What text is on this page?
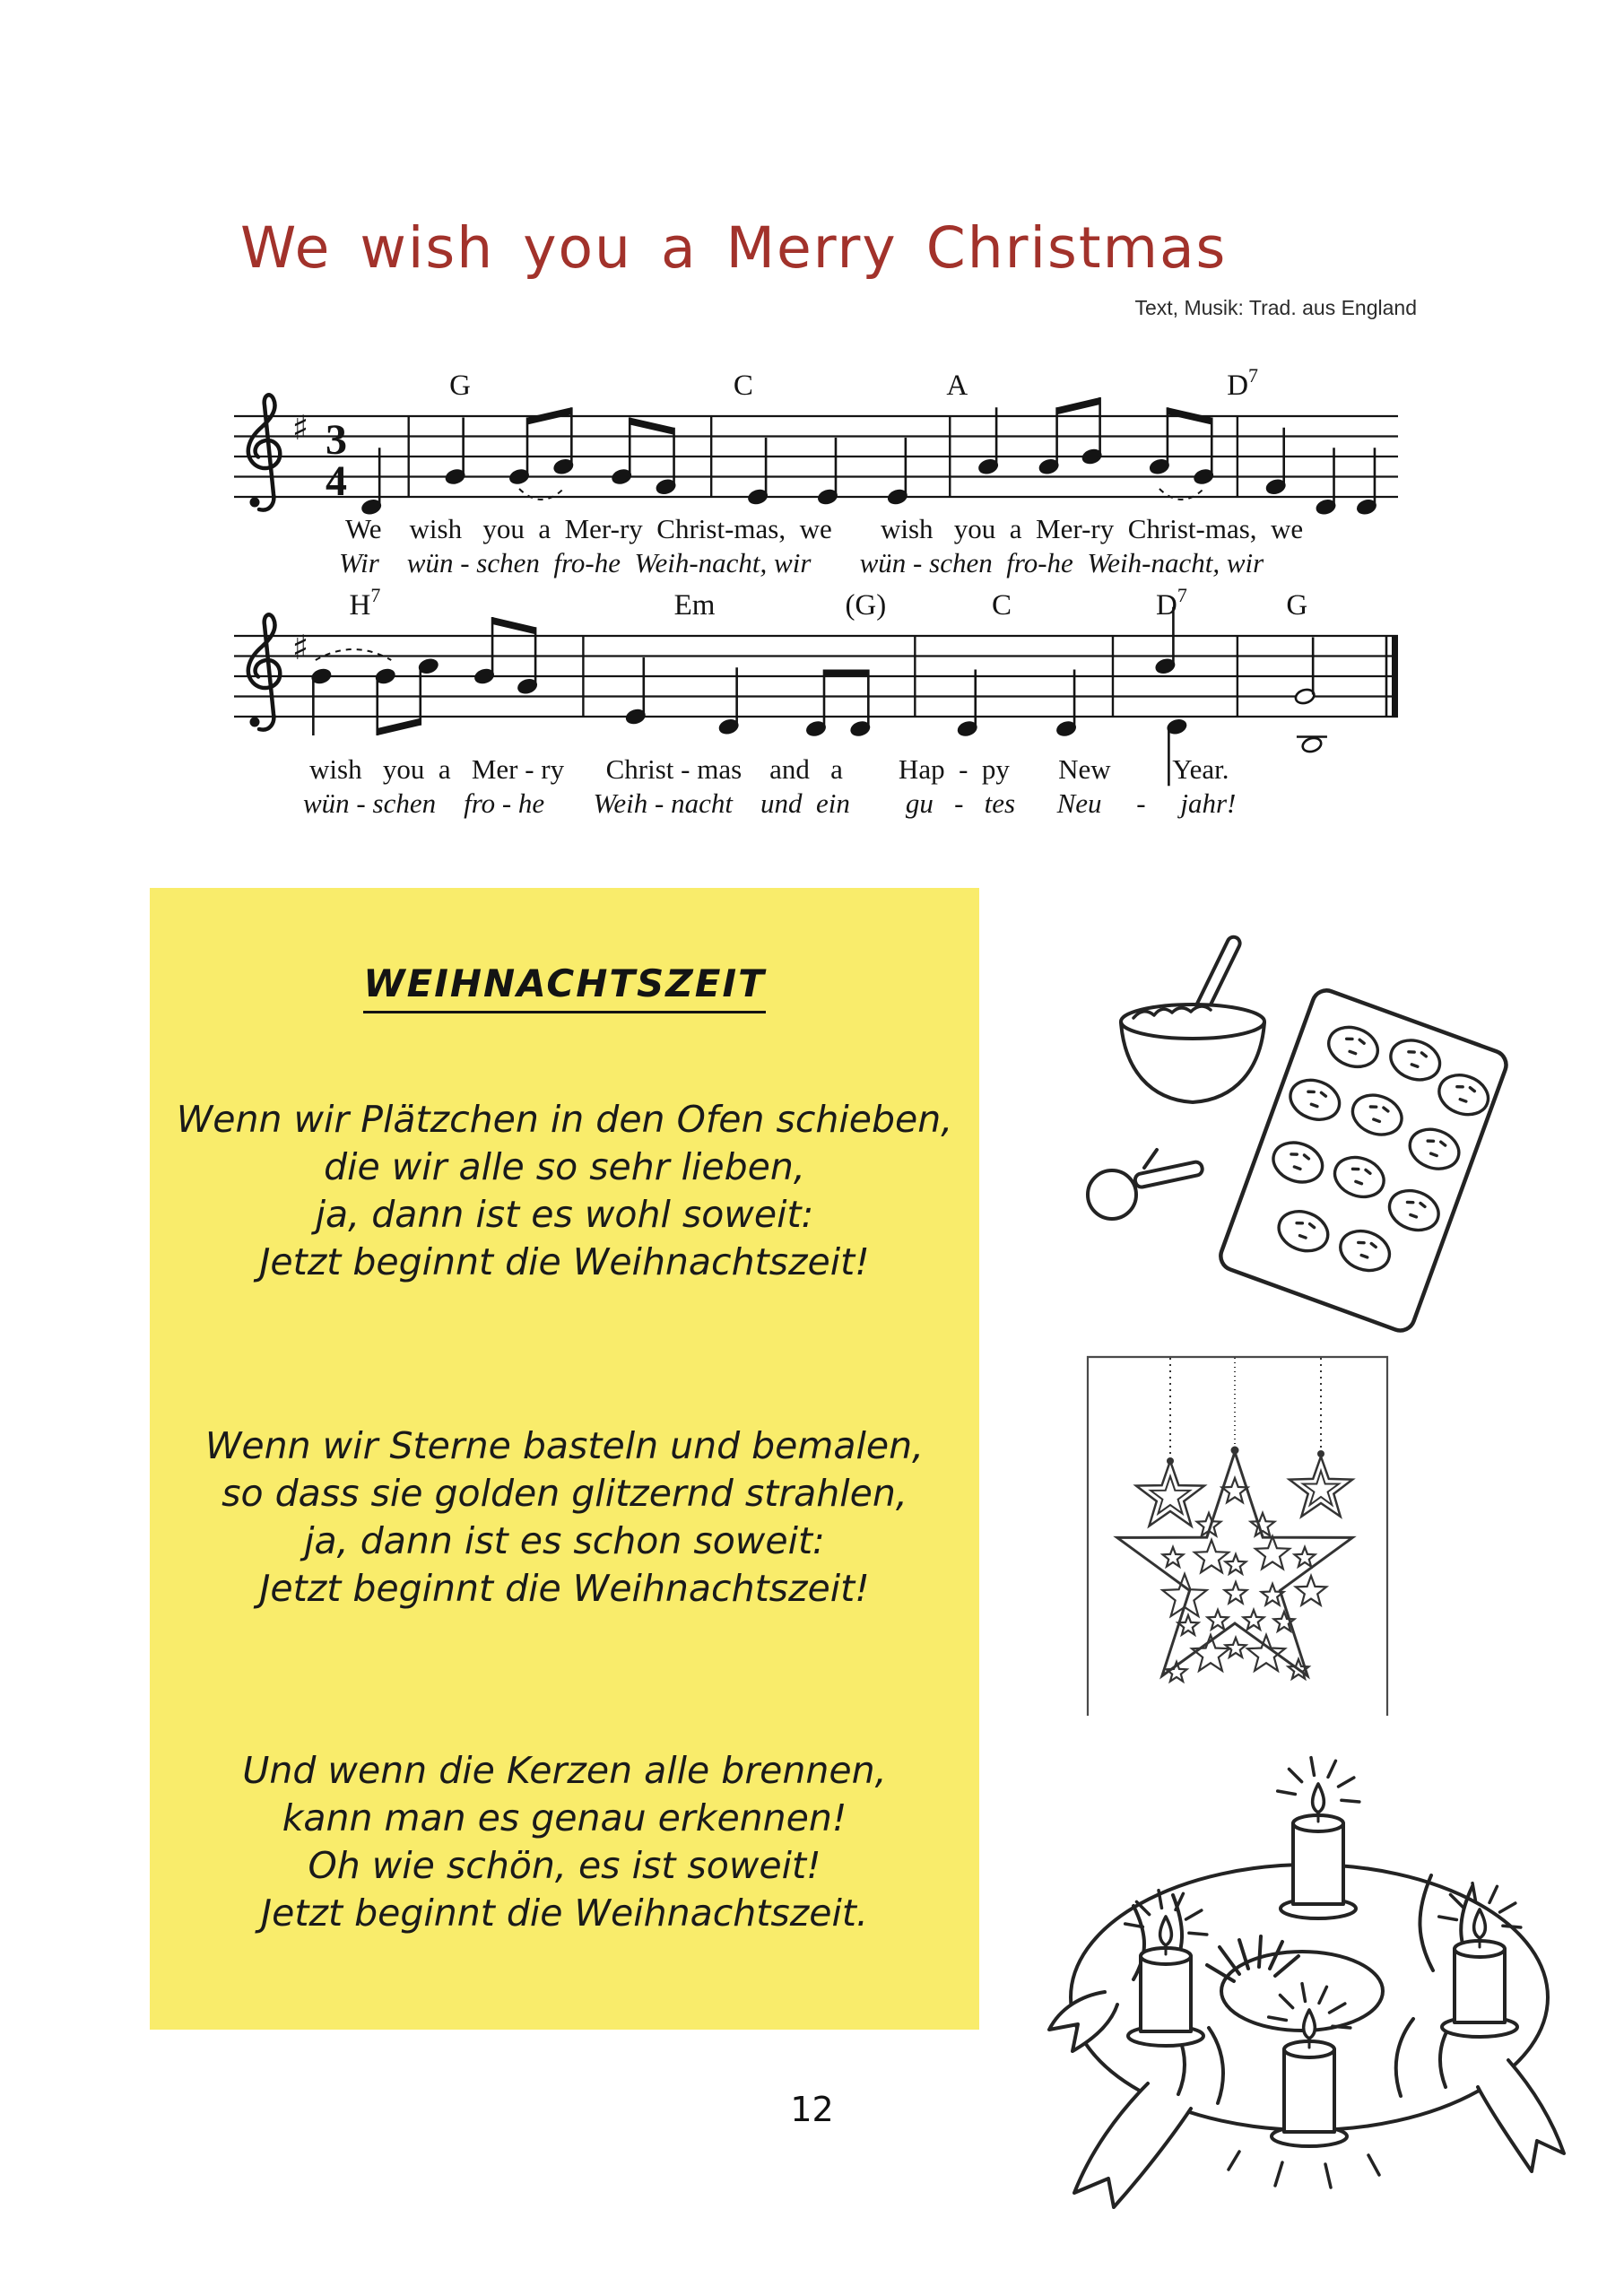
We wish you a Merry Christmas
Text, Musik: Trad. aus England
♯ 3
4
G	C	A	$D^7$
We    wish   you  a  Mer-ry  Christ-mas,  we       wish   you  a  Mer-ry  Christ-mas,  we
Wir    wün - schen  fro-he  Weih-nacht, wir       wün - schen  fro-he  Weih-nacht, wir
♯
$H^7$	Em	(G)	C	$D^7$	G
wish   you  a   Mer - ry      Christ - mas    and   a        Hap  -  py       New         Year.
wün - schen    fro - he       Weih - nacht    und  ein        gu   -   tes      Neu     -     jahr!
WEIHNACHTSZEIT
Wenn wir Plätzchen in den Ofen schieben,
die wir alle so sehr lieben,
ja, dann ist es wohl soweit:
Jetzt beginnt die Weihnachtszeit!
Wenn wir Sterne basteln und bemalen,
so dass sie golden glitzernd strahlen,
ja, dann ist es schon soweit:
Jetzt beginnt die Weihnachtszeit!
Und wenn die Kerzen alle brennen,
kann man es genau erkennen!
Oh wie schön, es ist soweit!
Jetzt beginnt die Weihnachtszeit.
12
